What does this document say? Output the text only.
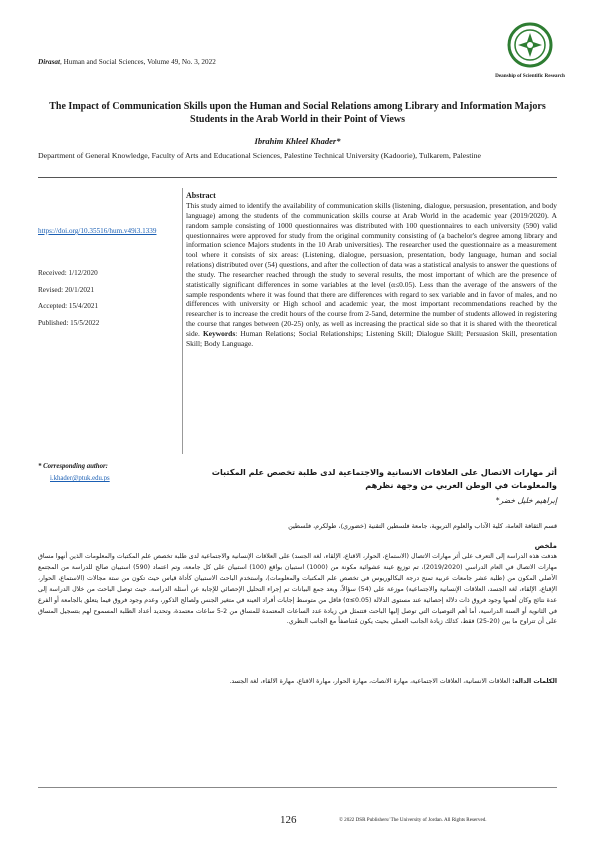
Dirasat, Human and Social Sciences, Volume 49, No. 3, 2022
Deanship of Scientific Research
The Impact of Communication Skills upon the Human and Social Relations among Library and Information Majors Students in the Arab World in their Point of Views
Ibrahim Khleel Khader*
Department of General Knowledge, Faculty of Arts and Educational Sciences, Palestine Technical University (Kadoorie), Tulkarem, Palestine
https://doi.org/10.35516/hum.v49i3.1339
Received: 1/12/2020
Revised: 20/1/2021
Accepted: 15/4/2021
Published: 15/5/2022
* Corresponding author:
i.khader@ptuk.edu.ps
Abstract
This study aimed to identify the availability of communication skills (listening, dialogue, persuasion, presentation, and body language) among the students of the communication skills course at Arab World in the academic year (2019/2020). A random sample consisting of 1000 questionnaires was distributed with 100 questionnaires to each university (590) valid questionnaires were approved for study from the original community consisting of (a bachelor's degree among library and information science Majors students in the 10 Arab universities). The researcher used the questionnaire as a measurement tool where it consists of six areas: (Listening, dialogue, persuasion, presentation, body language, human and social relations) distributed over (54) questions, and after the collection of data was a statistical analysis to answer the questions of the study. The researcher reached through the study to several results, the most important of which are the presence of statistically significant differences in some variables at the level (α≤0.05). Less than the average of the answers of the sample respondents where it was found that there are differences with regard to sex variable and in favor of males, and no differences with university or High school and academic year, the most important recommendations reached by the researcher is to increase the credit hours of the course from 2-5and, determine the number of students allowed in registering the course that ranges between (20-25) only, as well as increasing the practical side so that it is shared with the theoretical side. Keywords: Human Relations; Social Relationships; Listening Skill; Dialogue Skill; Persuasion Skill, presentation Skill; Body Language.
أثر مهارات الاتصال على العلاقات الانسانية والاجتماعية لدى طلبة تخصص علم المكتبات والمعلومات في الوطن العربي من وجهة نظرهم
إبراهيم خليل خضر*
قسم الثقافة العامة، كلية الآداب والعلوم التربوية، جامعة فلسطين التقنية (خضوري)، طولكرم، فلسطين
ملخص
هدفت هذه الدراسة إلى التعرف على أثر مهارات الاتصال (الاستماع، الحوار، الاقناع، الإلقاء، لغة الجسد) على العلاقات الإنسانية والاجتماعية لدى طلبة تخصص علم المكتبات والمعلومات الذين أنهوا مساق مهارات الاتصال في العام الدراسي (2019/2020)، تم توزيع عينة عشوائية مكونة من (1000) استبيان بواقع (100) استبيان على كل جامعة، وتم اعتماد (590) استبيان صالح للدراسة من المجتمع الأصلي المكون من (طلبة عشر جامعات عربية تمنح درجة البكالوريوس في تخصص علم المكتبات والمعلومات)، واستخدم الباحث الاستبيان كأداة قياس حيث تكون من ستة مجالات (الاستماع، الحوار، الإقناع، الإلقاء، لغة الجسد، العلاقات الإنسانية والاجتماعية) موزعة على (54) سؤالاً، وبعد جمع البيانات تم إجراء التحليل الإحصائي للإجابة عن أسئلة الدراسة. حيث توصل الباحث من خلال الدراسة إلى عدة نتائج وكان أهمها وجود فروق ذات دلالة إحصائية عند مستوى الدلالة (α≤0.05) فاقل من متوسط إجابات أفراد العينة في متغير الجنس ولصالح الذكور، وعدم وجود فروق فيما يتعلق بالجامعة أو الفرع في الثانوية أو السنة الدراسية، أما أهم التوصيات التي توصل إليها الباحث فتتمثل في زيادة عدد الساعات المعتمدة للمساق من 2-5 ساعات معتمدة، وتحديد أعداد الطلبة المسموح لهم بتسجيل المساق على أن تتراوح ما بين (20-25) فقط، كذلك زيادة الجانب العملي بحيث يكون مُتناصفاً مع الجانب النظري.
الكلمات الدالة: العلاقات الانسانية، العلاقات الاجتماعية، مهارة الانصات، مهارة الحوار، مهارة الاقناع، مهارة الالقاء، لغة الجسد.
126	© 2022 DSR Publishers/ The University of Jordan. All Rights Reserved.
